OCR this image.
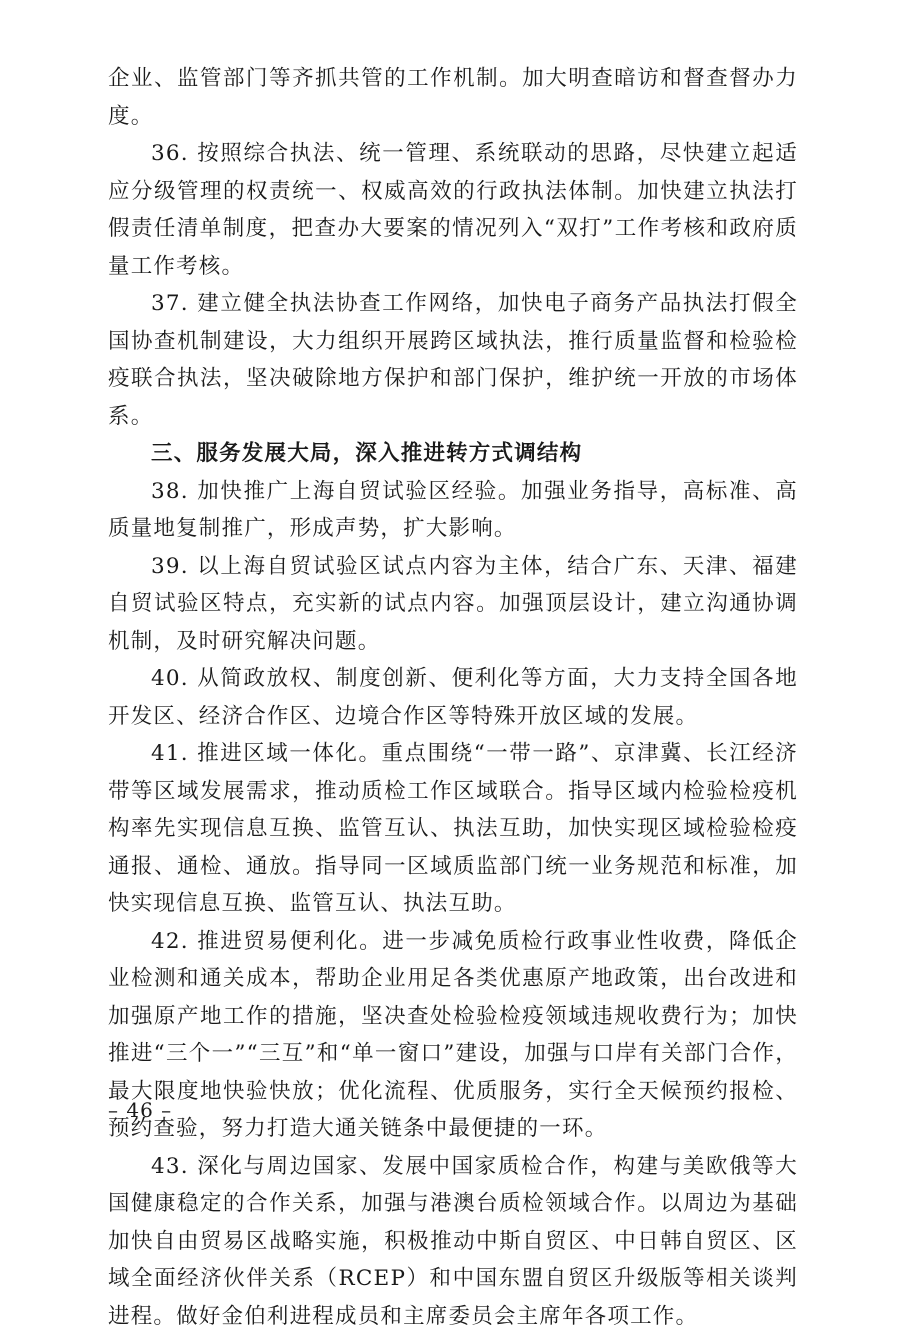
企业、监管部门等齐抓共管的工作机制。加大明查暗访和督查督办力度。

36. 按照综合执法、统一管理、系统联动的思路，尽快建立起适应分级管理的权责统一、权威高效的行政执法体制。加快建立执法打假责任清单制度，把查办大要案的情况列入“双打”工作考核和政府质量工作考核。

37. 建立健全执法协查工作网络，加快电子商务产品执法打假全国协查机制建设，大力组织开展跨区域执法，推行质量监督和检验检疫联合执法，坚决破除地方保护和部门保护，维护统一开放的市场体系。

三、服务发展大局，深入推进转方式调结构

38. 加快推广上海自贸试验区经验。加强业务指导，高标准、高质量地复制推广，形成声势，扩大影响。

39. 以上海自贸试验区试点内容为主体，结合广东、天津、福建自贸试验区特点，充实新的试点内容。加强顶层设计，建立沟通协调机制，及时研究解决问题。

40. 从简政放权、制度创新、便利化等方面，大力支持全国各地开发区、经济合作区、边境合作区等特殊开放区域的发展。

41. 推进区域一体化。重点围绕“一带一路”、京津冀、长江经济带等区域发展需求，推动质检工作区域联合。指导区域内检验检疫机构率先实现信息互换、监管互认、执法互助，加快实现区域检验检疫通报、通检、通放。指导同一区域质监部门统一业务规范和标准，加快实现信息互换、监管互认、执法互助。

42. 推进贸易便利化。进一步减免质检行政事业性收费，降低企业检测和通关成本，帮助企业用足各类优惠原产地政策，出台改进和加强原产地工作的措施，坚决查处检验检疫领域违规收费行为；加快推进“三个一”“三互”和“单一窗口”建设，加强与口岸有关部门合作，最大限度地快验快放；优化流程、优质服务，实行全天候预约报检、预约查验，努力打造大通关链条中最便捷的一环。

43. 深化与周边国家、发展中国家质检合作，构建与美欧俄等大国健康稳定的合作关系，加强与港澳台质检领域合作。以周边为基础加快自由贸易区战略实施，积极推动中斯自贸区、中日韩自贸区、区域全面经济伙伴关系（RCEP）和中国东盟自贸区升级版等相关谈判进程。做好金伯利进程成员和主席委员会主席年各项工作。

– 46 –
